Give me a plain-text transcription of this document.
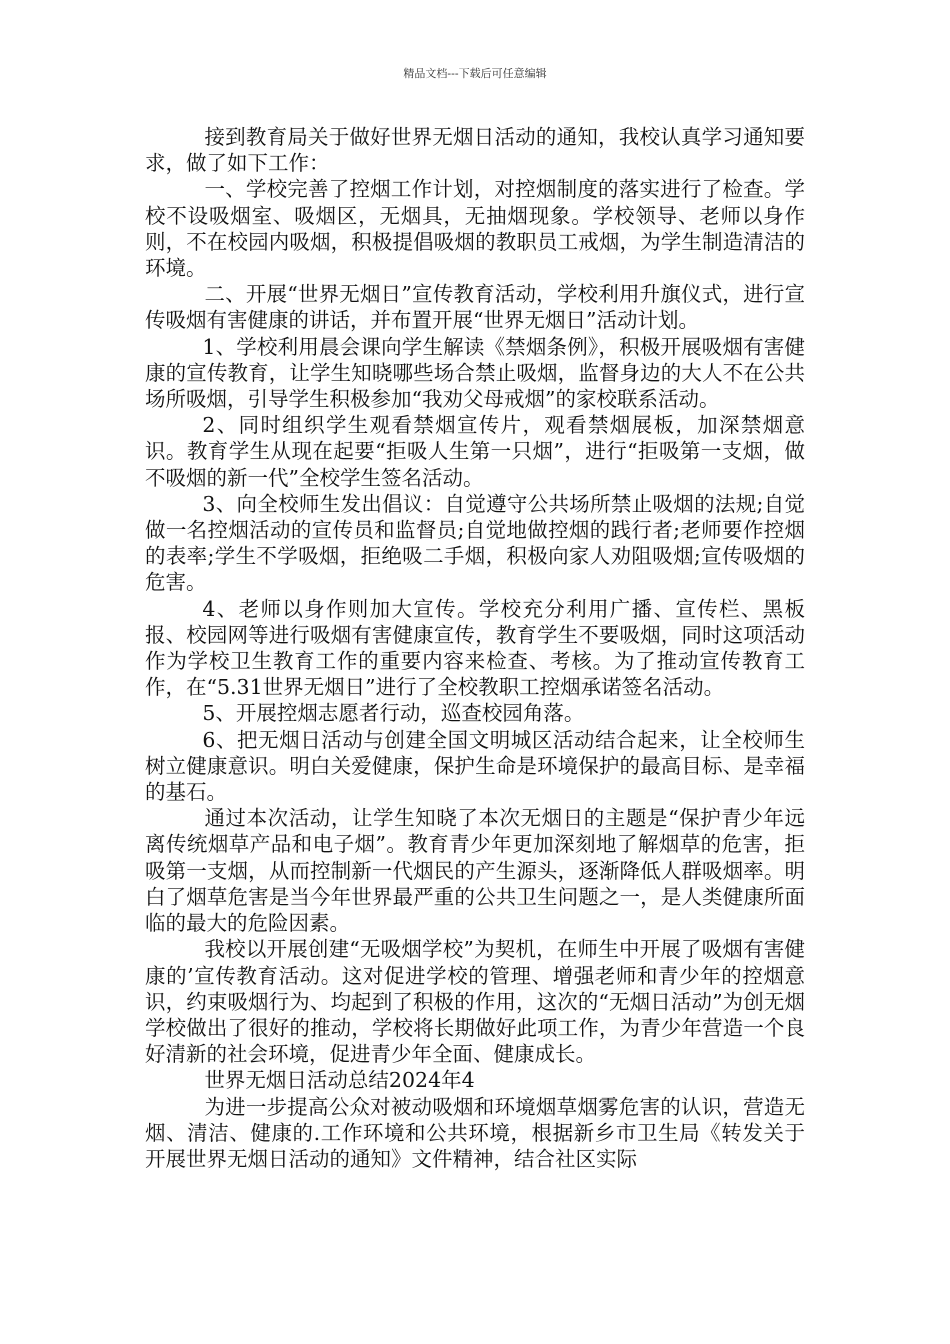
精品文档---下载后可任意编辑

接到教育局关于做好世界无烟日活动的通知，我校认真学习通知要求，做了如下工作：

一、学校完善了控烟工作计划，对控烟制度的落实进行了检查。学校不设吸烟室、吸烟区，无烟具，无抽烟现象。学校领导、老师以身作则，不在校园内吸烟，积极提倡吸烟的教职员工戒烟，为学生制造清洁的环境。

二、开展“世界无烟日”宣传教育活动，学校利用升旗仪式，进行宣传吸烟有害健康的讲话，并布置开展“世界无烟日”活动计划。

1、学校利用晨会课向学生解读《禁烟条例》，积极开展吸烟有害健康的宣传教育，让学生知晓哪些场合禁止吸烟，监督身边的大人不在公共场所吸烟，引导学生积极参加“我劝父母戒烟”的家校联系活动。

2、同时组织学生观看禁烟宣传片，观看禁烟展板，加深禁烟意识。教育学生从现在起要“拒吸人生第一只烟”，进行“拒吸第一支烟，做不吸烟的新一代”全校学生签名活动。

3、向全校师生发出倡议：自觉遵守公共场所禁止吸烟的法规;自觉做一名控烟活动的宣传员和监督员;自觉地做控烟的践行者;老师要作控烟的表率;学生不学吸烟，拒绝吸二手烟，积极向家人劝阻吸烟;宣传吸烟的危害。

4、老师以身作则加大宣传。学校充分利用广播、宣传栏、黑板报、校园网等进行吸烟有害健康宣传，教育学生不要吸烟，同时这项活动作为学校卫生教育工作的重要内容来检查、考核。为了推动宣传教育工作，在“5.31世界无烟日”进行了全校教职工控烟承诺签名活动。

5、开展控烟志愿者行动，巡查校园角落。

6、把无烟日活动与创建全国文明城区活动结合起来，让全校师生树立健康意识。明白关爱健康，保护生命是环境保护的最高目标、是幸福的基石。

通过本次活动，让学生知晓了本次无烟日的主题是“保护青少年远离传统烟草产品和电子烟”。教育青少年更加深刻地了解烟草的危害，拒吸第一支烟，从而控制新一代烟民的产生源头，逐渐降低人群吸烟率。明白了烟草危害是当今年世界最严重的公共卫生问题之一，是人类健康所面临的最大的危险因素。

我校以开展创建“无吸烟学校”为契机，在师生中开展了吸烟有害健康的’宣传教育活动。这对促进学校的管理、增强老师和青少年的控烟意识，约束吸烟行为、均起到了积极的作用，这次的“无烟日活动”为创无烟学校做出了很好的推动，学校将长期做好此项工作，为青少年营造一个良好清新的社会环境，促进青少年全面、健康成长。

世界无烟日活动总结2024年4

为进一步提高公众对被动吸烟和环境烟草烟雾危害的认识，营造无烟、清洁、健康的.工作环境和公共环境，根据新乡市卫生局《转发关于开展世界无烟日活动的通知》文件精神，结合社区实际
